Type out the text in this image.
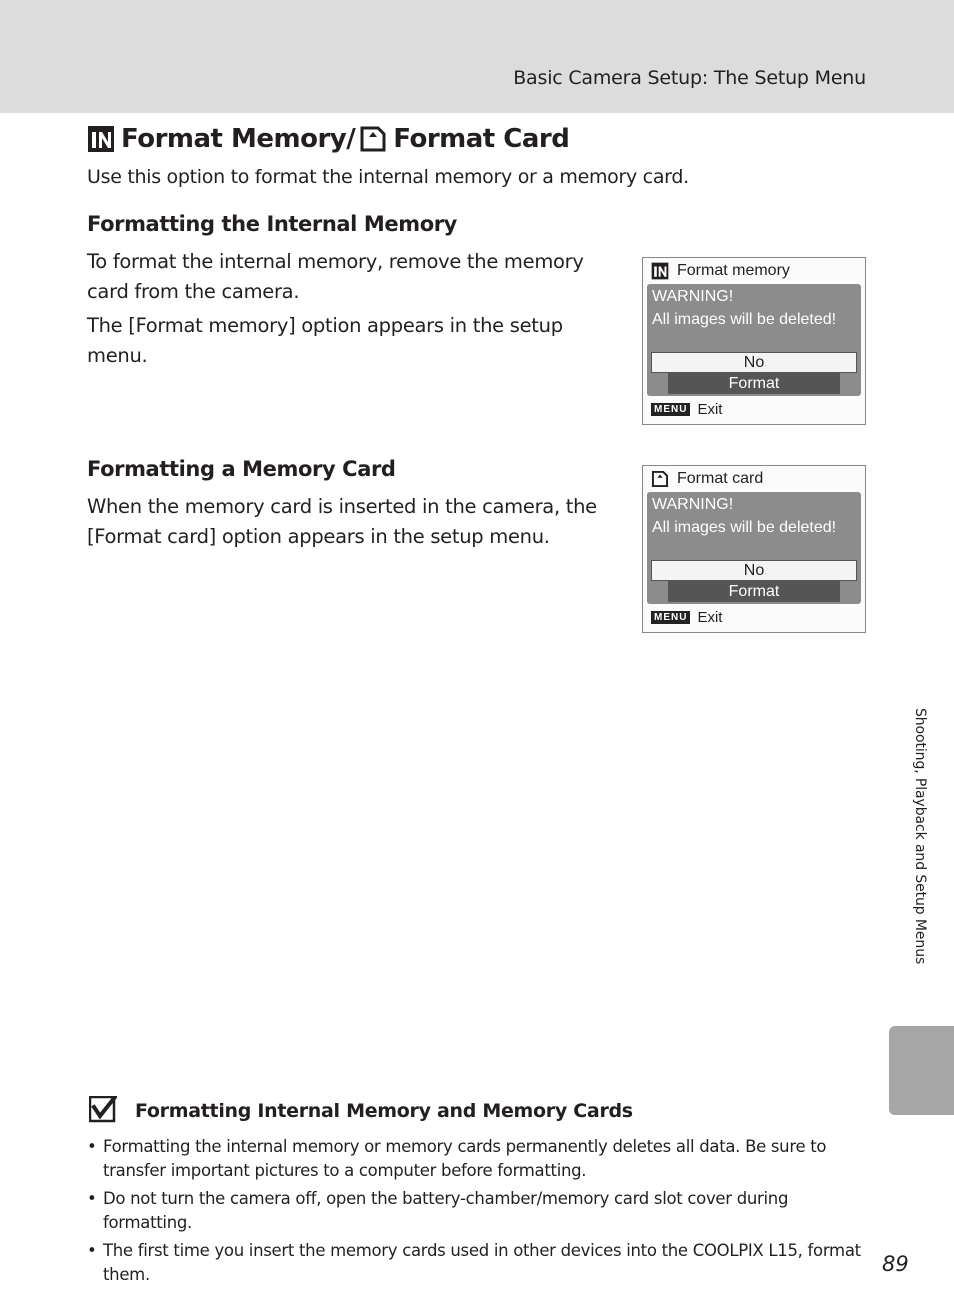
Basic Camera Setup: The Setup Menu
Format Memory/ Format Card
Use this option to format the internal memory or a memory card.
Formatting the Internal Memory

To format the internal memory, remove the memory card from the camera.

The [Format memory] option appears in the setup menu.

Format memory
WARNING!
All images will be deleted!
No
Format
MENU Exit
Formatting a Memory Card

When the memory card is inserted in the camera, the [Format card] option appears in the setup menu.

Format card
WARNING!
All images will be deleted!
No
Format
MENU Exit
Shooting, Playback and Setup Menus
Formatting Internal Memory and Memory Cards
• Formatting the internal memory or memory cards permanently deletes all data. Be sure to transfer important pictures to a computer before formatting.
• Do not turn the camera off, open the battery-chamber/memory card slot cover during formatting.
• The first time you insert the memory cards used in other devices into the COOLPIX L15, format them.	89
